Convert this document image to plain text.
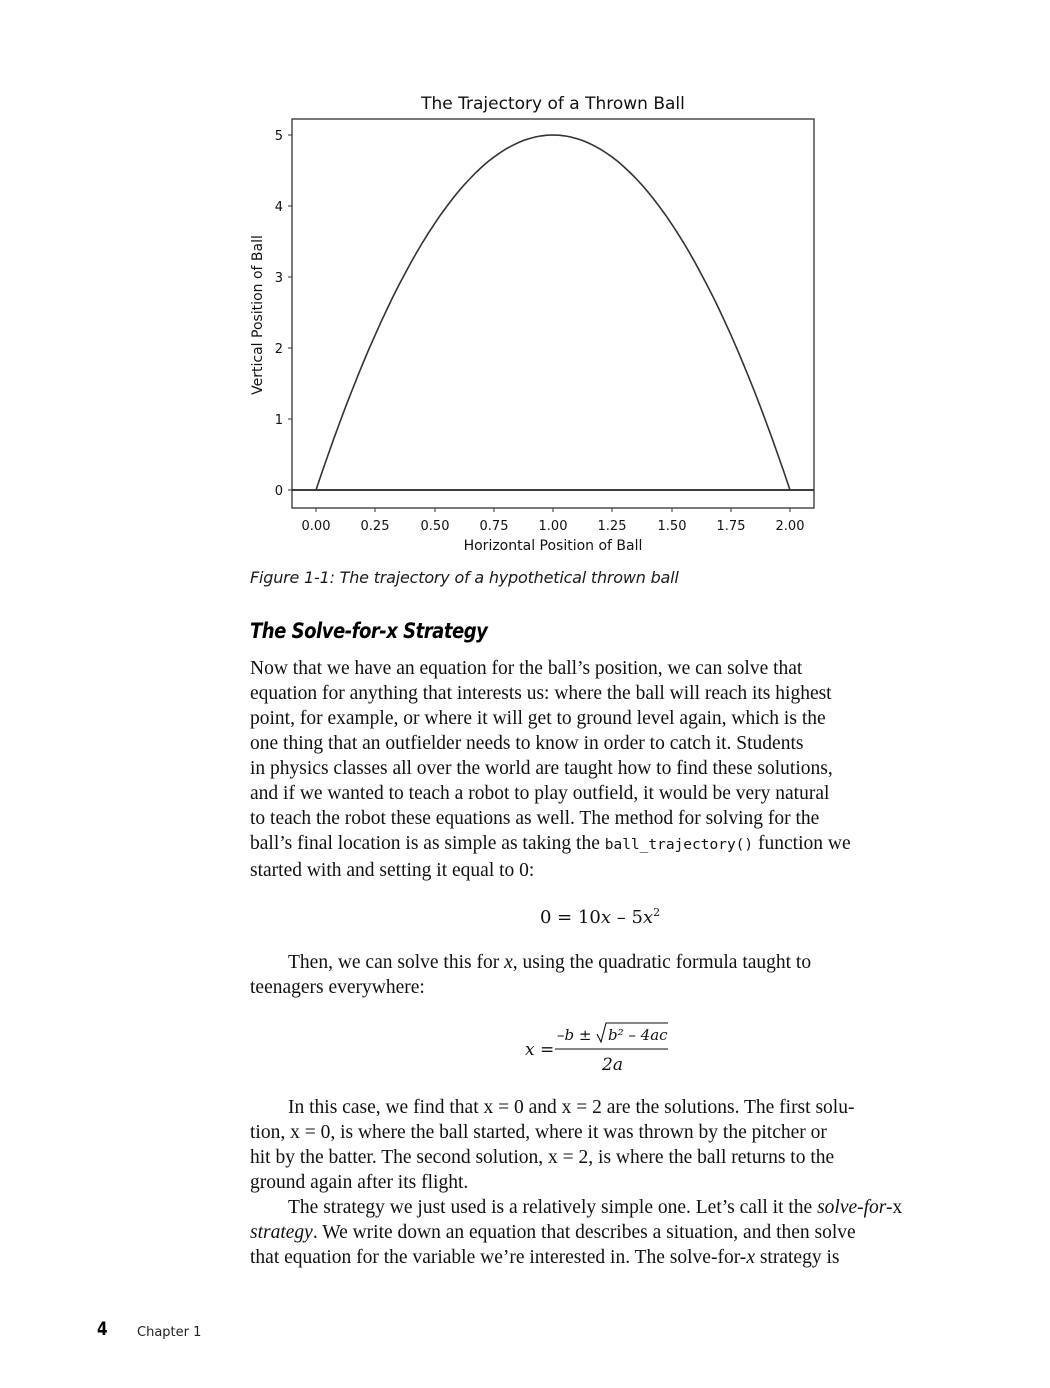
The Trajectory of a Thrown Ball
0
1
2
3
4
5
Vertical Position of Ball
0.00 0.25 0.50 0.75 1.00 1.25 1.50 1.75 2.00
Horizontal Position of Ball
Figure 1-1: The trajectory of a hypothetical thrown ball
The Solve-for-x Strategy
Now that we have an equation for the ball’s position, we can solve that
equation for anything that interests us: where the ball will reach its highest
point, for example, or where it will get to ground level again, which is the
one thing that an outfielder needs to know in order to catch it. Students
in physics classes all over the world are taught how to find these solutions,
and if we wanted to teach a robot to play outfield, it would be very natural
to teach the robot these equations as well. The method for solving for the
ball’s final location is as simple as taking the ball_trajectory() function we
started with and setting it equal to 0:
$0 = 10x - 5x^2$
Then, we can solve this for x, using the quadratic formula taught to
teenagers everywhere:
x =
–b ± b² – 4ac
2a
In this case, we find that x = 0 and x = 2 are the solutions. The first solu-
tion, x = 0, is where the ball started, where it was thrown by the pitcher or
hit by the batter. The second solution, x = 2, is where the ball returns to the
ground again after its flight.
The strategy we just used is a relatively simple one. Let’s call it the solve-for-x
strategy. We write down an equation that describes a situation, and then solve
that equation for the variable we’re interested in. The solve-for-x strategy is
4 Chapter 1
